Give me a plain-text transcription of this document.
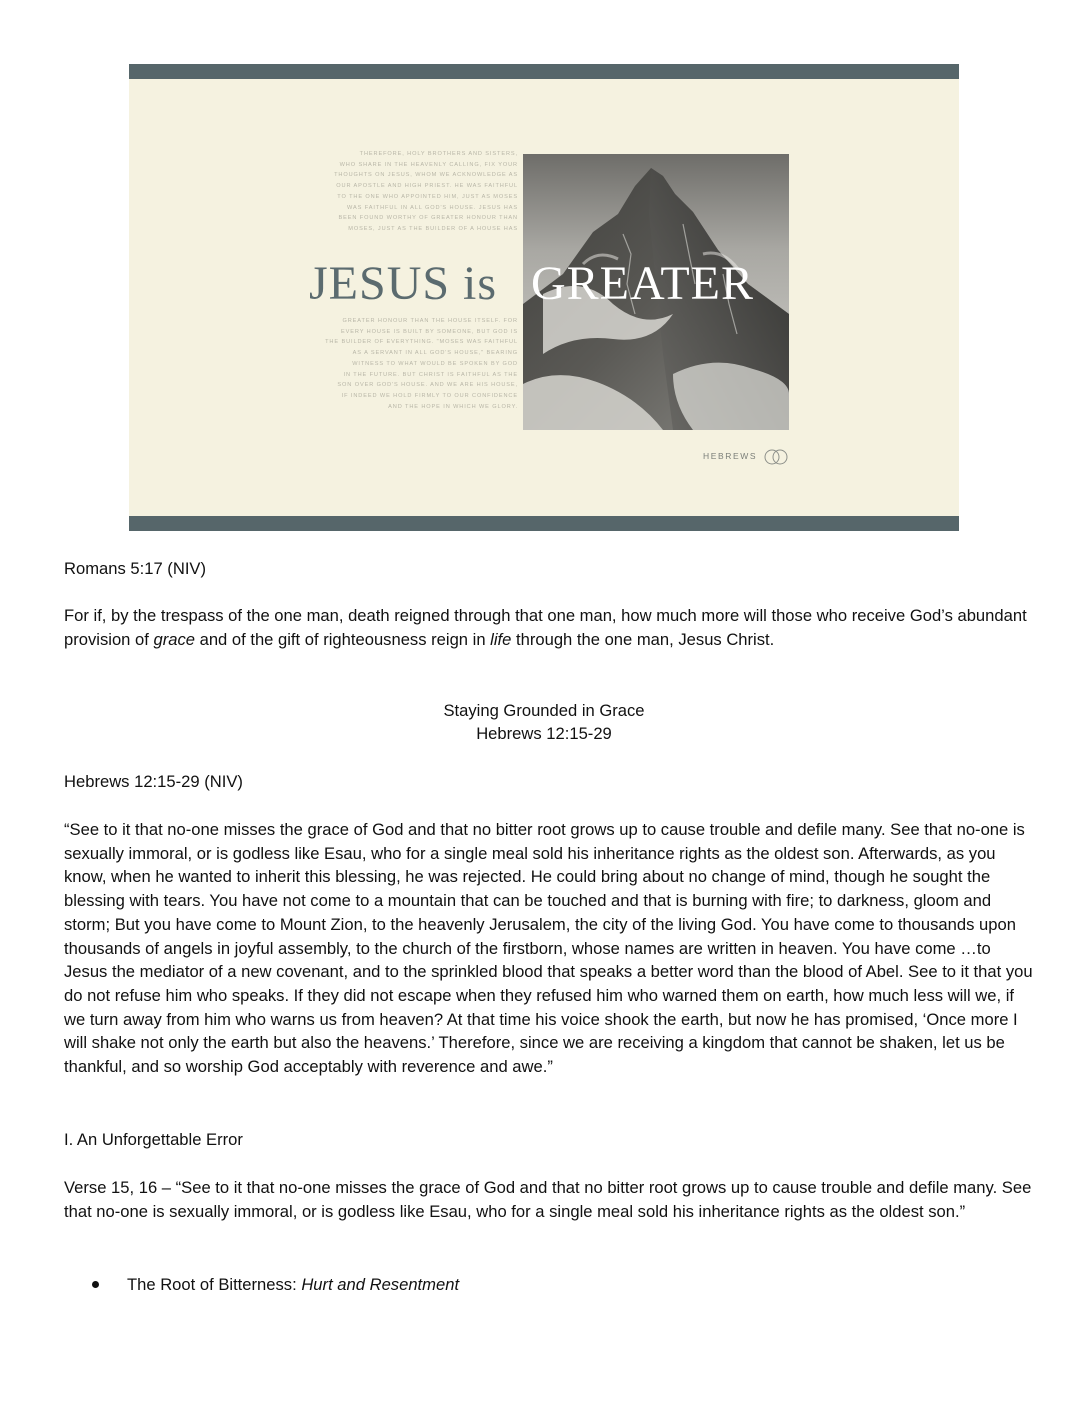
THEREFORE, HOLY BROTHERS AND SISTERS,
WHO SHARE IN THE HEAVENLY CALLING, FIX YOUR
THOUGHTS ON JESUS, WHOM WE ACKNOWLEDGE AS
OUR APOSTLE AND HIGH PRIEST. HE WAS FAITHFUL
TO THE ONE WHO APPOINTED HIM, JUST AS MOSES
WAS FAITHFUL IN ALL GOD'S HOUSE. JESUS HAS
BEEN FOUND WORTHY OF GREATER HONOUR THAN
MOSES, JUST AS THE BUILDER OF A HOUSE HAS
JESUS is GREATER
GREATER HONOUR THAN THE HOUSE ITSELF. FOR
EVERY HOUSE IS BUILT BY SOMEONE, BUT GOD IS
THE BUILDER OF EVERYTHING. "MOSES WAS FAITHFUL
AS A SERVANT IN ALL GOD'S HOUSE," BEARING
WITNESS TO WHAT WOULD BE SPOKEN BY GOD
IN THE FUTURE. BUT CHRIST IS FAITHFUL AS THE
SON OVER GOD'S HOUSE. AND WE ARE HIS HOUSE,
IF INDEED WE HOLD FIRMLY TO OUR CONFIDENCE
AND THE HOPE IN WHICH WE GLORY.
HEBREWS
Romans 5:17 (NIV)

For if, by the trespass of the one man, death reigned through that one man, how much more will those who receive God’s abundant provision of grace and of the gift of righteousness reign in life through the one man, Jesus Christ.

Staying Grounded in Grace
Hebrews 12:15-29
Hebrews 12:15-29 (NIV)

“See to it that no-one misses the grace of God and that no bitter root grows up to cause trouble and defile many. See that no-one is sexually immoral, or is godless like Esau, who for a single meal sold his inheritance rights as the oldest son. Afterwards, as you know, when he wanted to inherit this blessing, he was rejected. He could bring about no change of mind, though he sought the blessing with tears. You have not come to a mountain that can be touched and that is burning with fire; to darkness, gloom and storm; But you have come to Mount Zion, to the heavenly Jerusalem, the city of the living God. You have come to thousands upon thousands of angels in joyful assembly, to the church of the firstborn, whose names are written in heaven. You have come …to Jesus the mediator of a new covenant, and to the sprinkled blood that speaks a better word than the blood of Abel. See to it that you do not refuse him who speaks. If they did not escape when they refused him who warned them on earth, how much less will we, if we turn away from him who warns us from heaven? At that time his voice shook the earth, but now he has promised, ‘Once more I will shake not only the earth but also the heavens.’ Therefore, since we are receiving a kingdom that cannot be shaken, let us be thankful, and so worship God acceptably with reverence and awe.”

I. An Unforgettable Error

Verse 15, 16 – “See to it that no-one misses the grace of God and that no bitter root grows up to cause trouble and defile many. See that no-one is sexually immoral, or is godless like Esau, who for a single meal sold his inheritance rights as the oldest son.”

The Root of Bitterness: Hurt and Resentment
